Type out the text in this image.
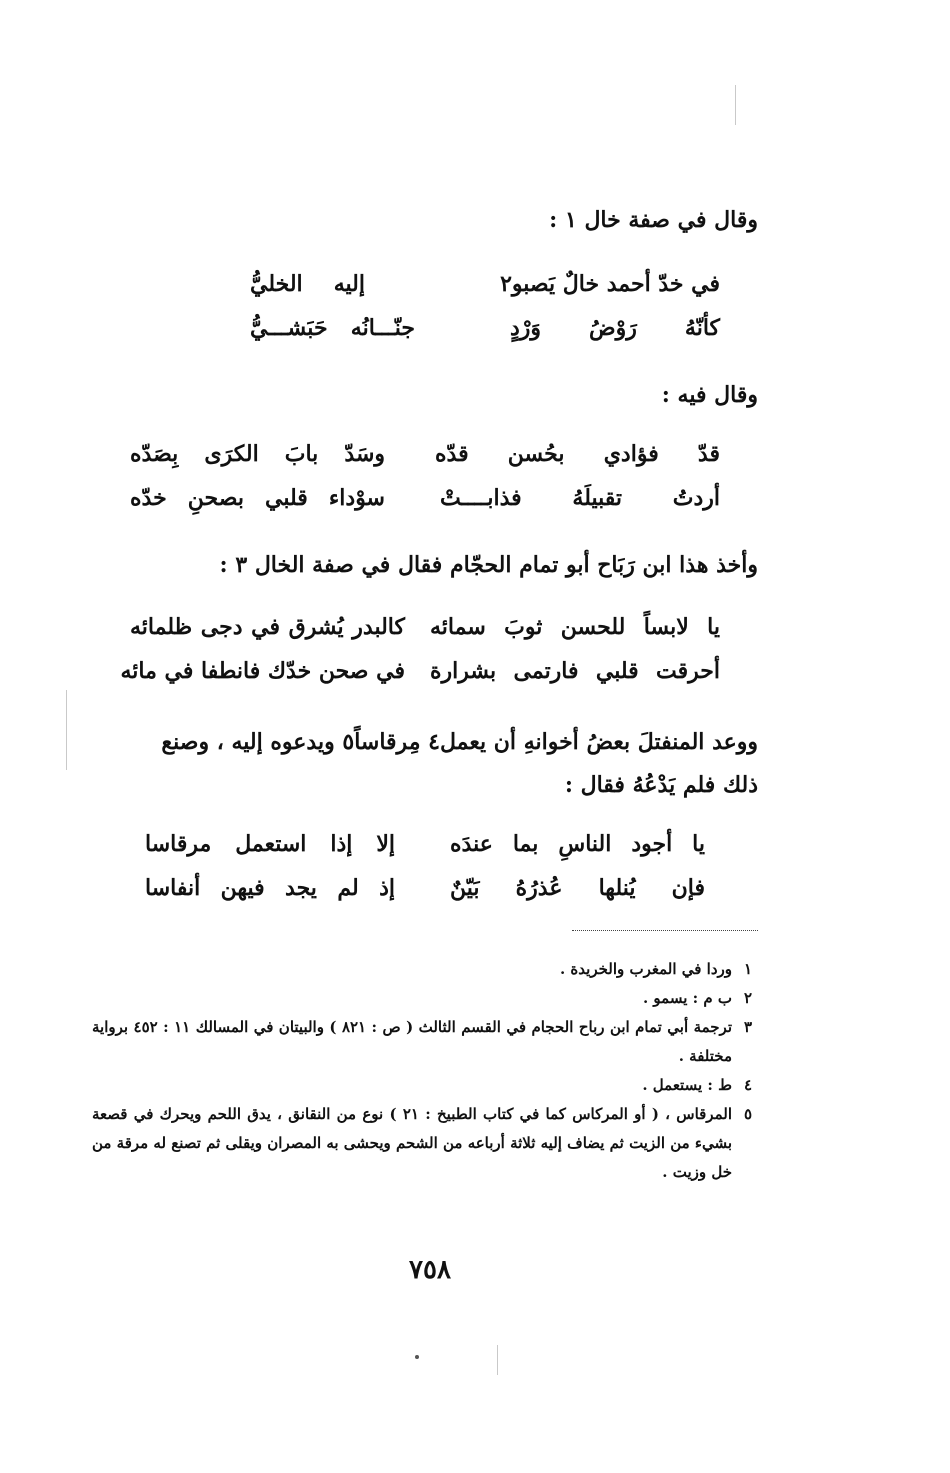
وقال في صفة خال ١ :
في خدّ أحمد خالٌ يَصبو٢
إليه الخليُّ
كأنّهُ رَوْضُ وَرْدٍ
جنّـــانُه حَبَشـــيُّ
وقال فيه :
قدّ فؤادي بحُسن قدّه
وسَدّ بابَ الكرَى بِصَدّه
أردتُ تقبيلَهُ فذابــــتْ
سوْداء قلبي بصحنِ خدّه
وأخذ هذا ابن رَبَاح أبو تمام الحجّام فقال في صفة الخال ٣ :
يا لابساً للحسن ثوبَ سمائه
كالبدر يُشرق في دجى ظلمائه
أحرقت قلبي فارتمى بشرارة
في صحن خدّك فانطفا في مائه
ووعد المنفتلَ بعضُ أخوانهِ أن يعمل٤ مِرقاساً٥ ويدعوه إليه ، وصنع
ذلك فلم يَدْعُهُ فقال :
يا أجود الناسِ بما عندَه
إلا إذا استعمل مرقاسا
فإن يُنلها عُذرُهُ بَيّنٌ
إذ لم يجد فيهن أنفاسا
١
وردا في المغرب والخريدة .
٢
ب م : يسمو .
٣
ترجمة أبي تمام ابن رباح الحجام في القسم الثالث ( ص : ٨٢١ ) والبيتان في المسالك ١١ : ٤٥٢ برواية مختلفة .
٤
ط : يستعمل .
٥
المرقاس ، ( أو المركاس كما في كتاب الطبيخ : ٢١ ) نوع من النقانق ، يدق اللحم ويحرك في قصعة بشيء من الزيت ثم يضاف إليه ثلاثة أرباعه من الشحم ويحشى به المصران ويقلى ثم تصنع له مرقة من خل وزيت .
٧٥٨
